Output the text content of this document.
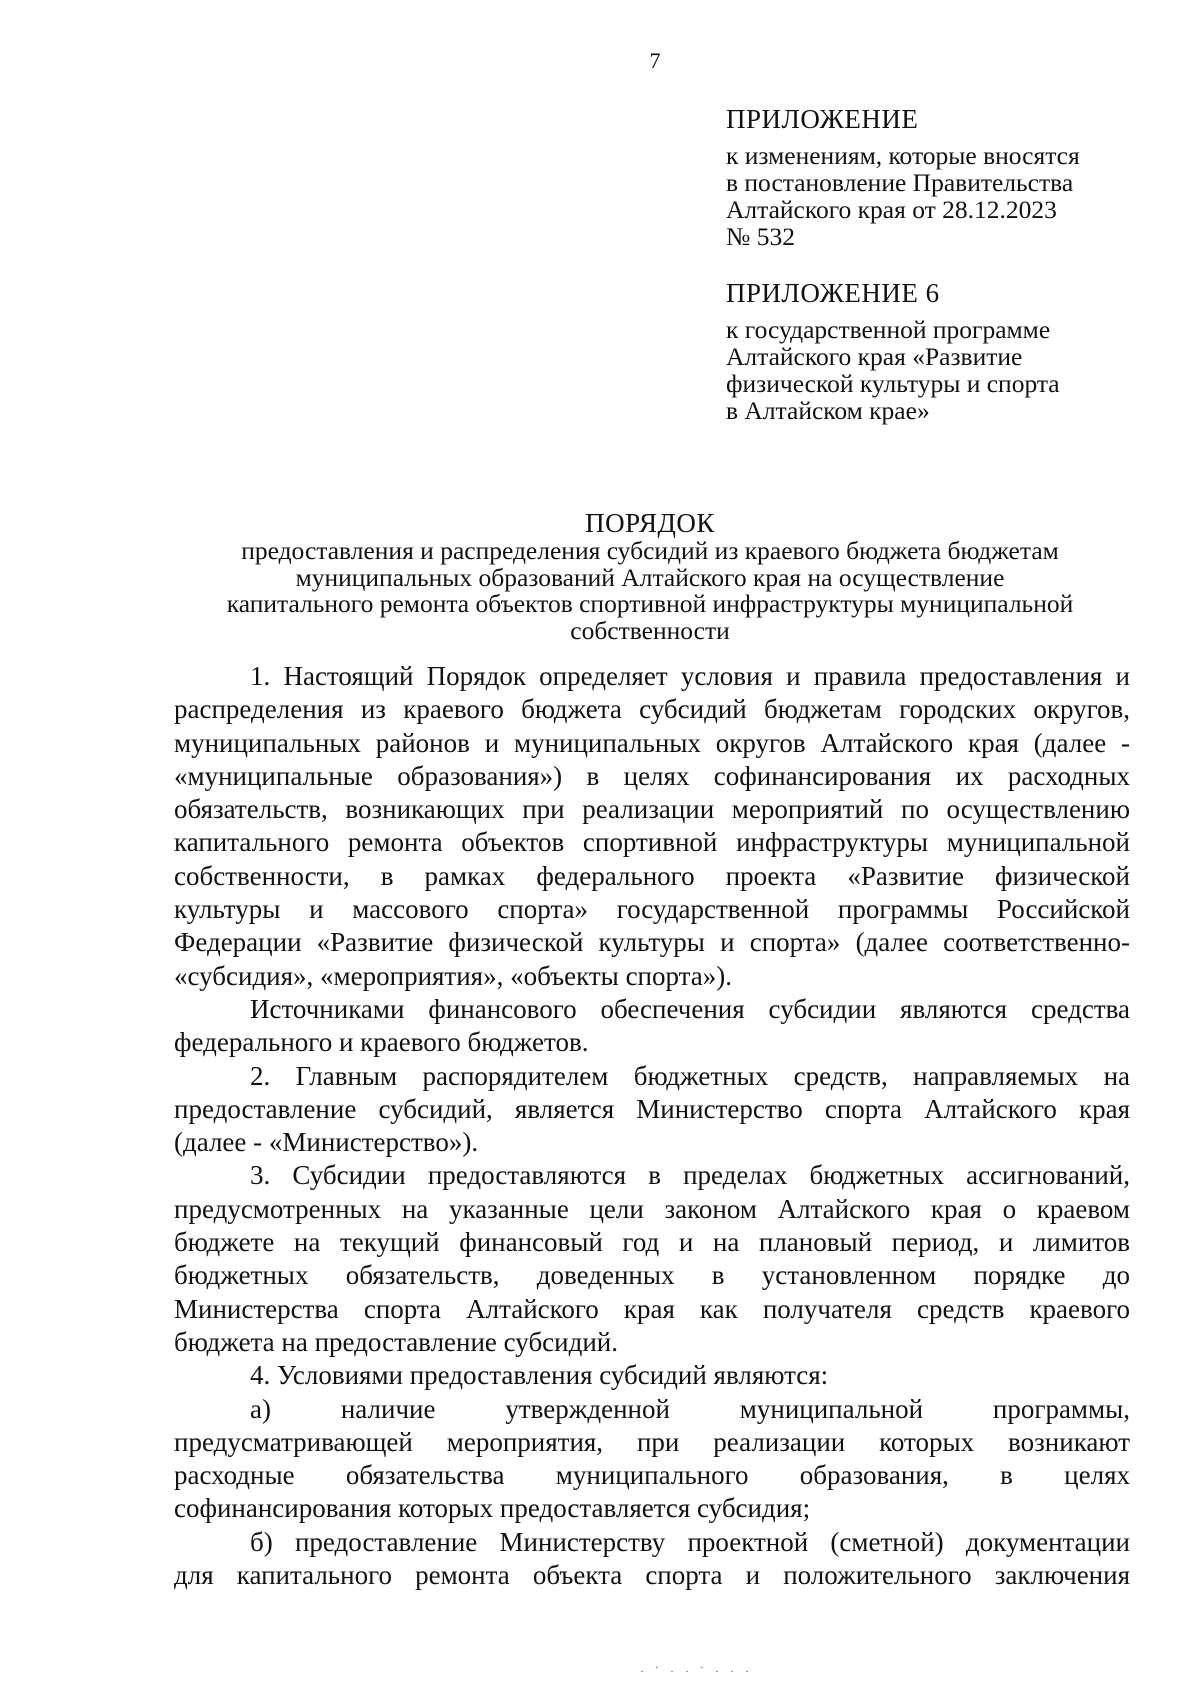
7
ПРИЛОЖЕНИЕ
к изменениям, которые вносятся
в постановление Правительства
Алтайского края от 28.12.2023
№ 532
ПРИЛОЖЕНИЕ 6
к государственной программе
Алтайского края «Развитие
физической культуры и спорта
в Алтайском крае»
ПОРЯДОК
предоставления и распределения субсидий из краевого бюджета бюджетам
муниципальных образований Алтайского края на осуществление
капитального ремонта объектов спортивной инфраструктуры муниципальной
собственности
1. Настоящий Порядок определяет условия и правила предоставления и
распределения из краевого бюджета субсидий бюджетам городских округов,
муниципальных районов и муниципальных округов Алтайского края (далее -
«муниципальные образования») в целях софинансирования их расходных
обязательств, возникающих при реализации мероприятий по осуществлению
капитального ремонта объектов спортивной инфраструктуры муниципальной
собственности, в рамках федерального проекта «Развитие физической
культуры и массового спорта» государственной программы Российской
Федерации «Развитие физической культуры и спорта» (далее соответственно-
«субсидия», «мероприятия», «объекты спорта»).
Источниками финансового обеспечения субсидии являются средства
федерального и краевого бюджетов.
2. Главным распорядителем бюджетных средств, направляемых на
предоставление субсидий, является Министерство спорта Алтайского края
(далее - «Министерство»).
3. Субсидии предоставляются в пределах бюджетных ассигнований,
предусмотренных на указанные цели законом Алтайского края о краевом
бюджете на текущий финансовый год и на плановый период, и лимитов
бюджетных обязательств, доведенных в установленном порядке до
Министерства спорта Алтайского края как получателя средств краевого
бюджета на предоставление субсидий.
4. Условиями предоставления субсидий являются:
а) наличие утвержденной муниципальной программы,
предусматривающей мероприятия, при реализации которых возникают
расходные обязательства муниципального образования, в целях
софинансирования которых предоставляется субсидия;
б) предоставление Министерству проектной (сметной) документации
для капитального ремонта объекта спорта и положительного заключения
· ` · · ` · · ·
